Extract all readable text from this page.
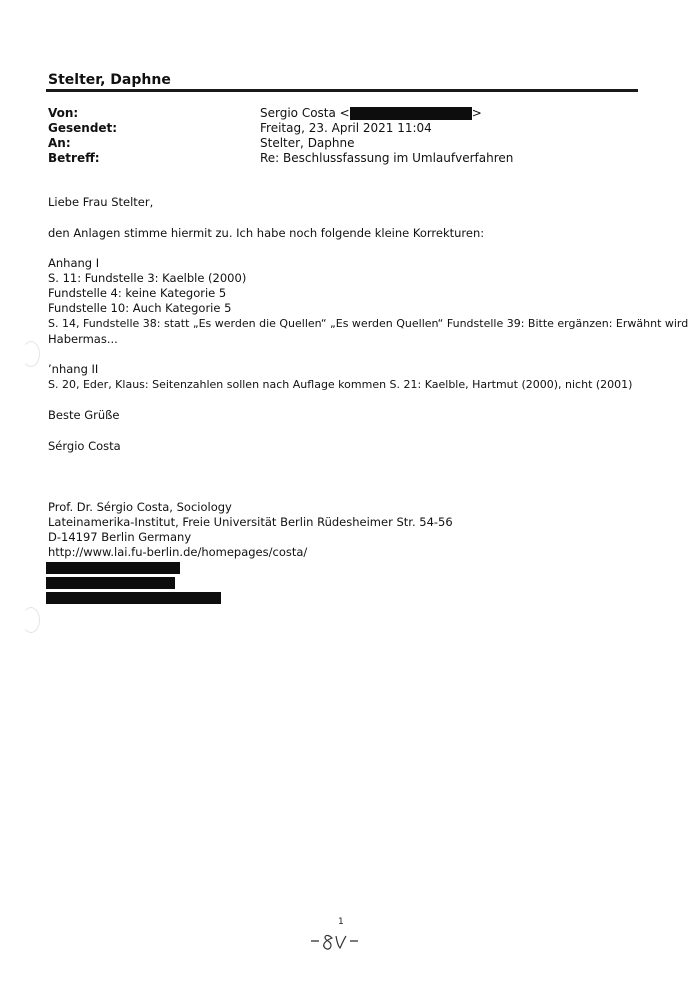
Stelter, Daphne
Von:
Gesendet:
An:
Betreff:
Sergio Costa <	>
Freitag, 23. April 2021 11:04
Stelter, Daphne
Re: Beschlussfassung im Umlaufverfahren
Liebe Frau Stelter,
den Anlagen stimme hiermit zu. Ich habe noch folgende kleine Korrekturen:
Anhang I
S. 11: Fundstelle 3: Kaelble (2000)
Fundstelle 4: keine Kategorie 5
Fundstelle 10: Auch Kategorie 5
S. 14, Fundstelle 38: statt „Es werden die Quellen“ „Es werden Quellen“ Fundstelle 39: Bitte ergänzen: Erwähnt wird
Habermas...
’nhang II
S. 20, Eder, Klaus: Seitenzahlen sollen nach Auflage kommen S. 21: Kaelble, Hartmut (2000), nicht (2001)
Beste Grüße
Sérgio Costa
Prof. Dr. Sérgio Costa, Sociology
Lateinamerika-Institut, Freie Universität Berlin Rüdesheimer Str. 54-56
D-14197 Berlin Germany
http://www.lai.fu-berlin.de/homepages/costa/
1
